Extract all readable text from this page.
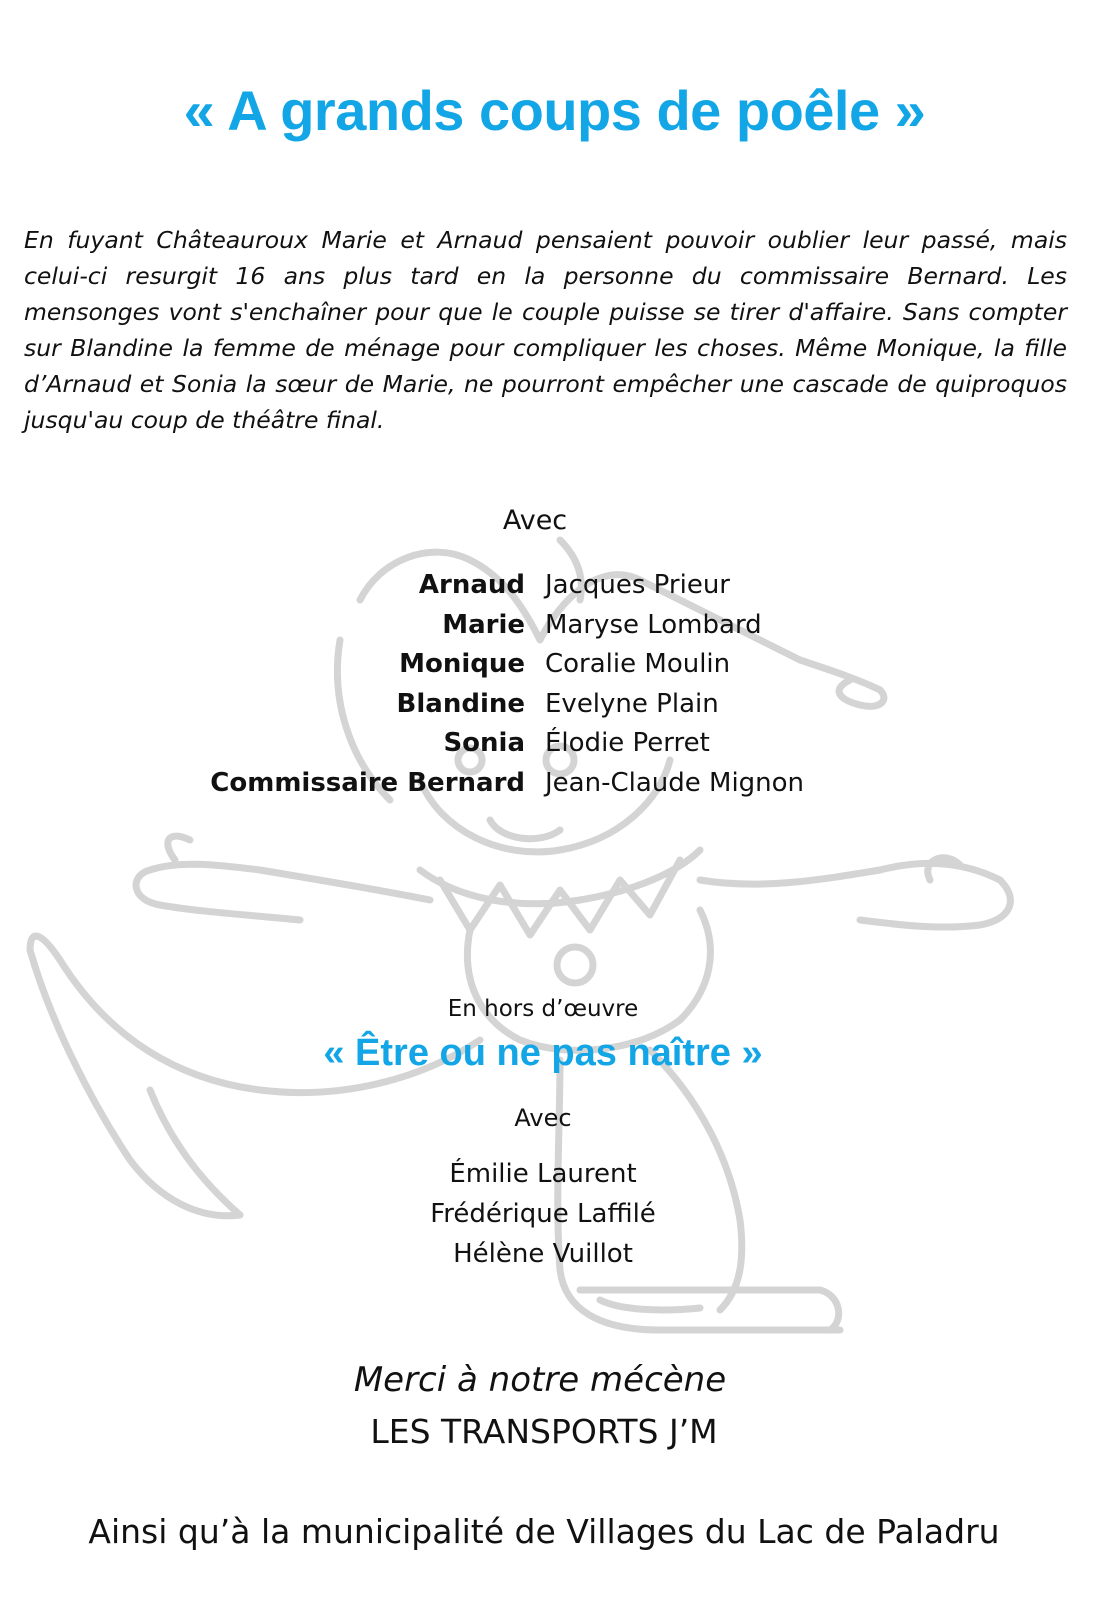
« A grands coups de poêle »
En fuyant Châteauroux Marie et Arnaud pensaient pouvoir oublier leur passé, mais celui-ci resurgit 16 ans plus tard en la personne du commissaire Bernard. Les mensonges vont s'enchaîner pour que le couple puisse se tirer d'affaire. Sans compter sur Blandine la femme de ménage pour compliquer les choses. Même Monique, la fille d’Arnaud et Sonia la sœur de Marie, ne pourront empêcher une cascade de quiproquos jusqu'au coup de théâtre final.
Avec
Arnaud Jacques Prieur
Marie Maryse Lombard
Monique Coralie Moulin
Blandine Evelyne Plain
Sonia Élodie Perret
Commissaire Bernard Jean-Claude Mignon
En hors d’œuvre
« Être ou ne pas naître »
Avec
Émilie Laurent
Frédérique Laffilé
Hélène Vuillot
Merci à notre mécène
LES TRANSPORTS J’M
Ainsi qu’à la municipalité de Villages du Lac de Paladru
